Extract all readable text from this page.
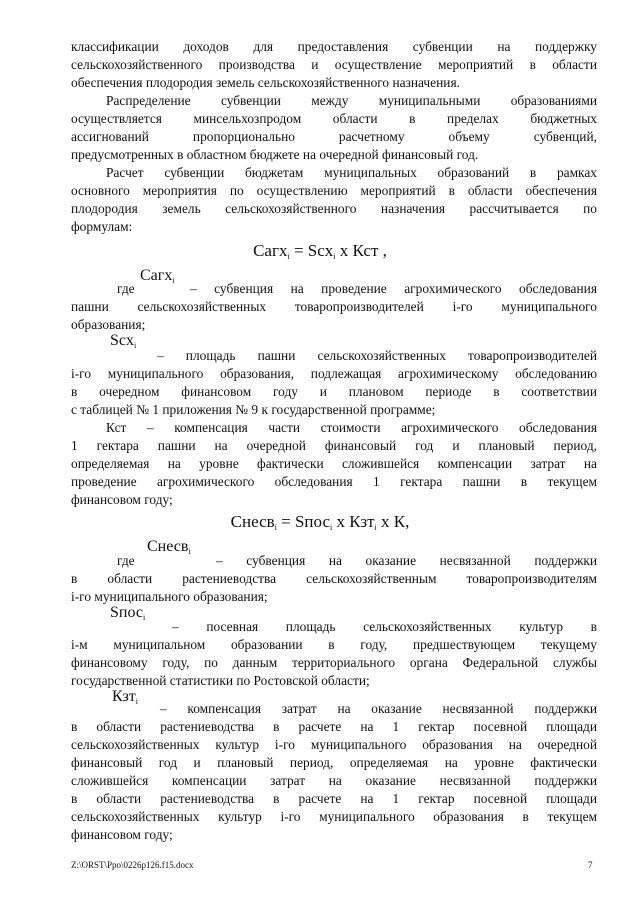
классификации доходов для предоставления субвенции на поддержку
сельскохозяйственного производства и осуществление мероприятий в области
обеспечения плодородия земель сельскохозяйственного назначения.
Распределение субвенции между муниципальными образованиями
осуществляется минсельхозпродом области в пределах бюджетных
ассигнований пропорционально расчетному объему субвенций,
предусмотренных в областном бюджете на очередной финансовый год.
Расчет субвенции бюджетам муниципальных образований в рамках
основного мероприятия по осуществлению мероприятий в области обеспечения
плодородия земель сельскохозяйственного назначения рассчитывается по
формулам:
Сагх$_i$ = Scx$_i$ x Кст ,
где
Сагх$_i$
– субвенция на проведение агрохимического обследования
пашни сельскохозяйственных товаропроизводителей i-го муниципального
образования;
Scx$_i$
– площадь пашни сельскохозяйственных товаропроизводителей
i-го муниципального образования, подлежащая агрохимическому обследованию
в очередном финансовом году и плановом периоде в соответствии
с таблицей № 1 приложения № 9 к государственной программе;
Кст – компенсация части стоимости агрохимического обследования
1 гектара пашни на очередной финансовый год и плановый период,
определяемая на уровне фактически сложившейся компенсации затрат на
проведение агрохимического обследования 1 гектара пашни в текущем
финансовом году;
Снесв$_i$ = Sпос$_i$ x Кзт$_i$ x К,
где
Снесв$_i$
– субвенция на оказание несвязанной поддержки
в области растениеводства сельскохозяйственным товаропроизводителям
i-го муниципального образования;
Sпос$_i$
– посевная площадь сельскохозяйственных культур в
i-м муниципальном образовании в году, предшествующем текущему
финансовому году, по данным территориального органа Федеральной службы
государственной статистики по Ростовской области;
Кзт$_i$ – компенсация затрат на оказание несвязанной поддержки
в области растениеводства в расчете на 1 гектар посевной площади
сельскохозяйственных культур i-го муниципального образования на очередной
финансовый год и плановый период, определяемая на уровне фактически
сложившейся компенсации затрат на оказание несвязанной поддержки
в области растениеводства в расчете на 1 гектар посевной площади
сельскохозяйственных культур i-го муниципального образования в текущем
финансовом году;
Z:\ORST\Ppo\0226p126.f15.docx	7
